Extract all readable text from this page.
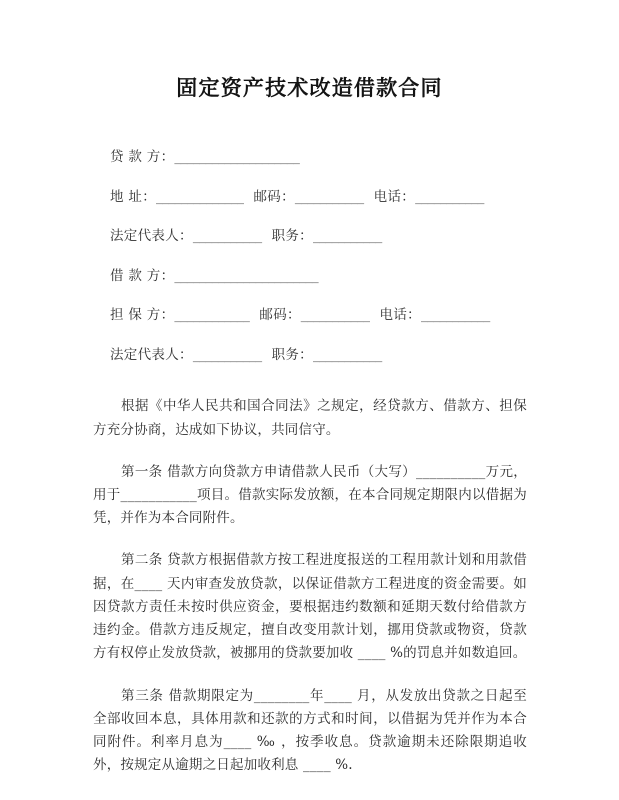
固定资产技术改造借款合同
贷 款 方：____________________
地 址：______________ 邮码：___________ 电话：___________
法定代表人：___________ 职务：___________
借 款 方：_______________________
担 保 方：____________ 邮码：___________ 电话：___________
法定代表人：___________ 职务：___________

根据《中华人民共和国合同法》之规定，经贷款方、借款方、担保方充分协商，达成如下协议，共同信守。

第一条 借款方向贷款方申请借款人民币（大写）__________万元，用于___________项目。借款实际发放额，在本合同规定期限内以借据为凭，并作为本合同附件。

第二条 贷款方根据借款方按工程进度报送的工程用款计划和用款借据，在____ 天内审查发放贷款，以保证借款方工程进度的资金需要。如因贷款方责任未按时供应资金，要根据违约数额和延期天数付给借款方违约金。借款方违反规定，擅自改变用款计划，挪用贷款或物资，贷款方有权停止发放贷款，被挪用的贷款要加收 ____ %的罚息并如数追回。

第三条 借款期限定为________年____ 月，从发放出贷款之日起至全部收回本息，具体用款和还款的方式和时间，以借据为凭并作为本合同附件。利率月息为____ ‰ ，按季收息。贷款逾期未还除限期追收外，按规定从逾期之日起加收利息 ____ %.
